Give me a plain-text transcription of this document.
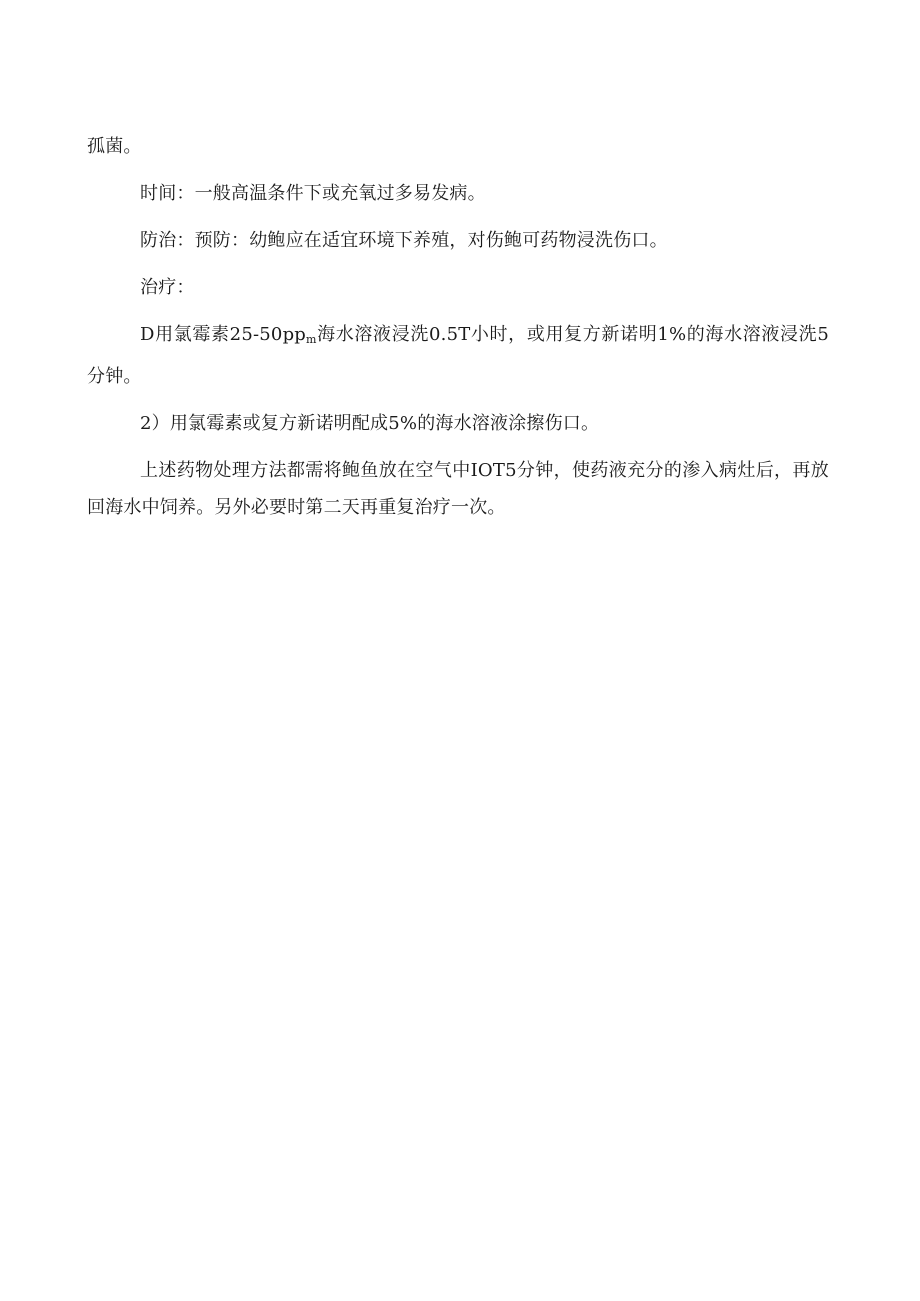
孤菌。

时间：一般高温条件下或充氧过多易发病。

防治：预防：幼鲍应在适宜环境下养殖，对伤鲍可药物浸洗伤口。

治疗：

D用氯霉素$25-50pp_m$海水溶液浸洗0.5T小时，或用复方新诺明1%的海水溶液浸洗5分钟。

2）用氯霉素或复方新诺明配成5%的海水溶液涂擦伤口。

上述药物处理方法都需将鲍鱼放在空气中IOT5分钟，使药液充分的渗入病灶后，再放回海水中饲养。另外必要时第二天再重复治疗一次。
